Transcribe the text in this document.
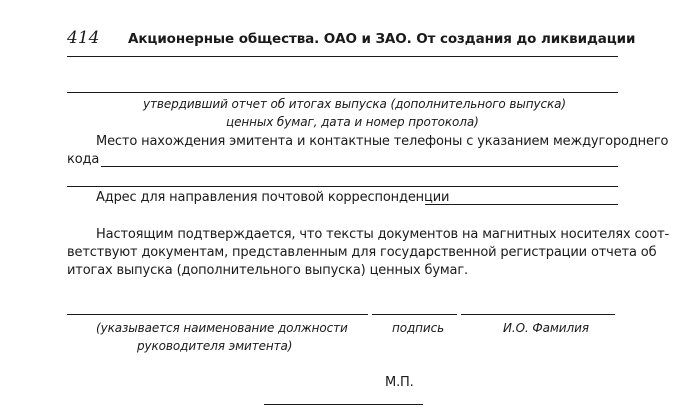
414 Акционерные общества. ОАО и ЗАО. От создания до ликвидации
утвердивший отчет об итогах выпуска (дополнительного выпуска)
ценных бумаг, дата и номер протокола)
Место нахождения эмитента и контактные телефоны с указанием междугороднего
кода
Адрес для направления почтовой корреспонденции
Настоящим подтверждается, что тексты документов на магнитных носителях соот-
ветствуют документам, представленным для государственной регистрации отчета об
итогах выпуска (дополнительного выпуска) ценных бумаг.
(указывается наименование должности
руководителя эмитента)
подпись	И.О. Фамилия
М.П.
